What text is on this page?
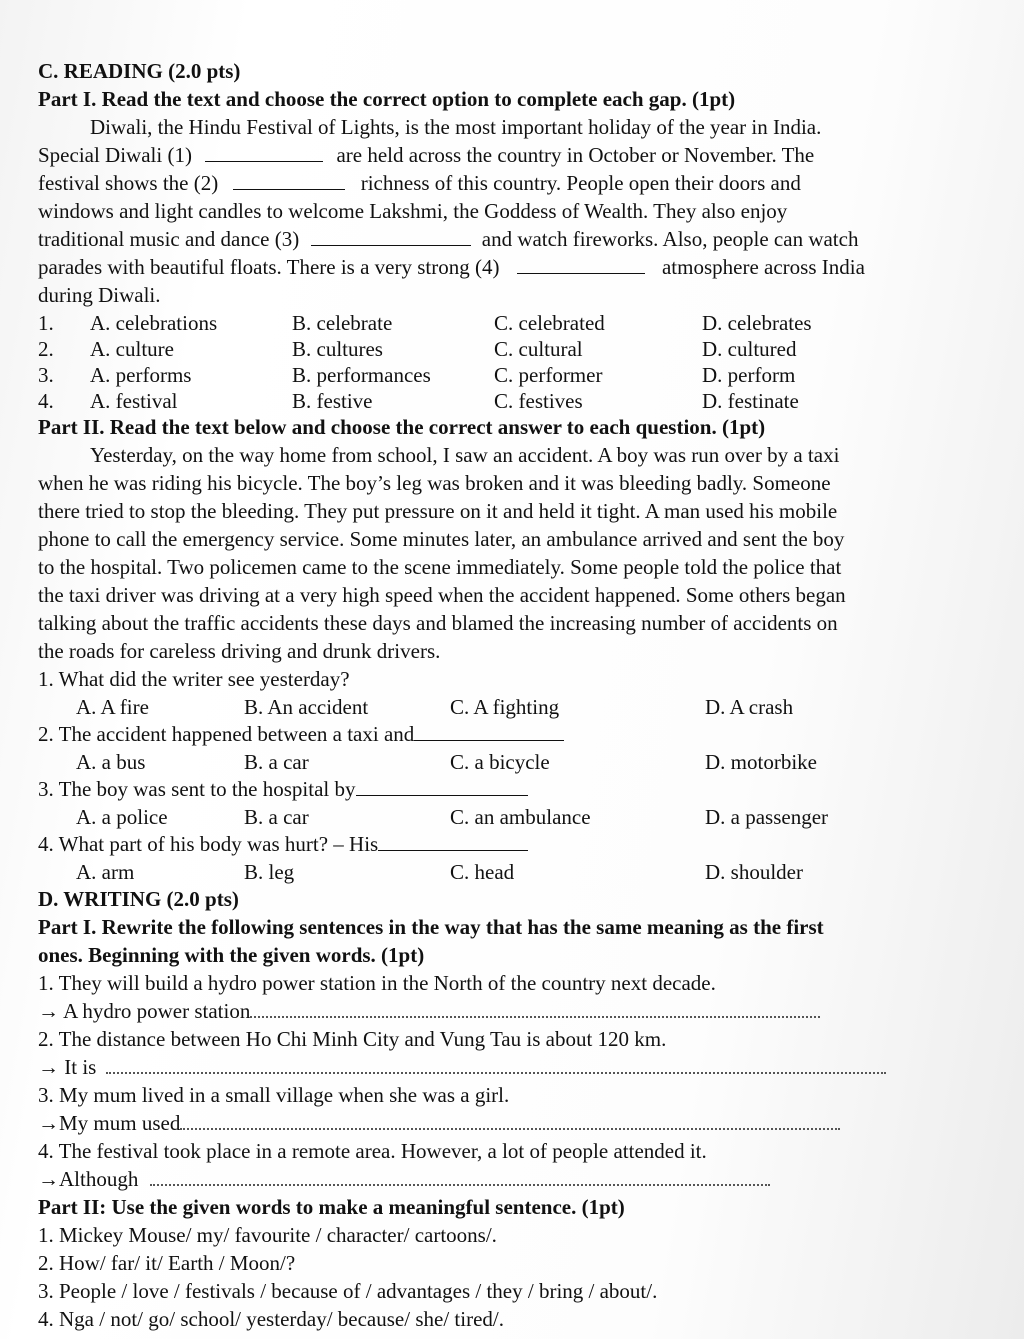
C. READING (2.0 pts)
Part I. Read the text and choose the correct option to complete each gap. (1pt)
Diwali, the Hindu Festival of Lights, is the most important holiday of the year in India.
Special Diwali (1)	are held across the country in October or November. The
festival shows the (2)	richness of this country. People open their doors and
windows and light candles to welcome Lakshmi, the Goddess of Wealth. They also enjoy
traditional music and dance (3)	and watch fireworks. Also, people can watch
parades with beautiful floats. There is a very strong (4)	atmosphere across India
during Diwali.
1.	A. celebrations	B. celebrate	C. celebrated	D. celebrates
2.	A. culture	B. cultures	C. cultural	D. cultured
3.	A. performs	B. performances	C. performer	D. perform
4.	A. festival	B. festive	C. festives	D. festinate
Part II. Read the text below and choose the correct answer to each question. (1pt)
Yesterday, on the way home from school, I saw an accident. A boy was run over by a taxi
when he was riding his bicycle. The boy’s leg was broken and it was bleeding badly. Someone
there tried to stop the bleeding. They put pressure on it and held it tight. A man used his mobile
phone to call the emergency service. Some minutes later, an ambulance arrived and sent the boy
to the hospital. Two policemen came to the scene immediately. Some people told the police that
the taxi driver was driving at a very high speed when the accident happened. Some others began
talking about the traffic accidents these days and blamed the increasing number of accidents on
the roads for careless driving and drunk drivers.
1. What did the writer see yesterday?
A. A fire	B. An accident	C. A fighting	D. A crash
2. The accident happened between a taxi and
A. a bus	B. a car	C. a bicycle	D. motorbike
3. The boy was sent to the hospital by
A. a police	B. a car	C. an ambulance	D. a passenger
4. What part of his body was hurt? – His
A. arm	B. leg	C. head	D. shoulder
D. WRITING (2.0 pts)
Part I. Rewrite the following sentences in the way that has the same meaning as the first
ones. Beginning with the given words. (1pt)
1. They will build a hydro power station in the North of the country next decade.
→ A hydro power station
2. The distance between Ho Chi Minh City and Vung Tau is about 120 km.
→ It is
3. My mum lived in a small village when she was a girl.
→My mum used
4. The festival took place in a remote area. However, a lot of people attended it.
→Although
Part II: Use the given words to make a meaningful sentence. (1pt)
1. Mickey Mouse/ my/ favourite / character/ cartoons/.
2. How/ far/ it/ Earth / Moon/?
3. People / love / festivals / because of / advantages / they / bring / about/.
4. Nga / not/ go/ school/ yesterday/ because/ she/ tired/.
